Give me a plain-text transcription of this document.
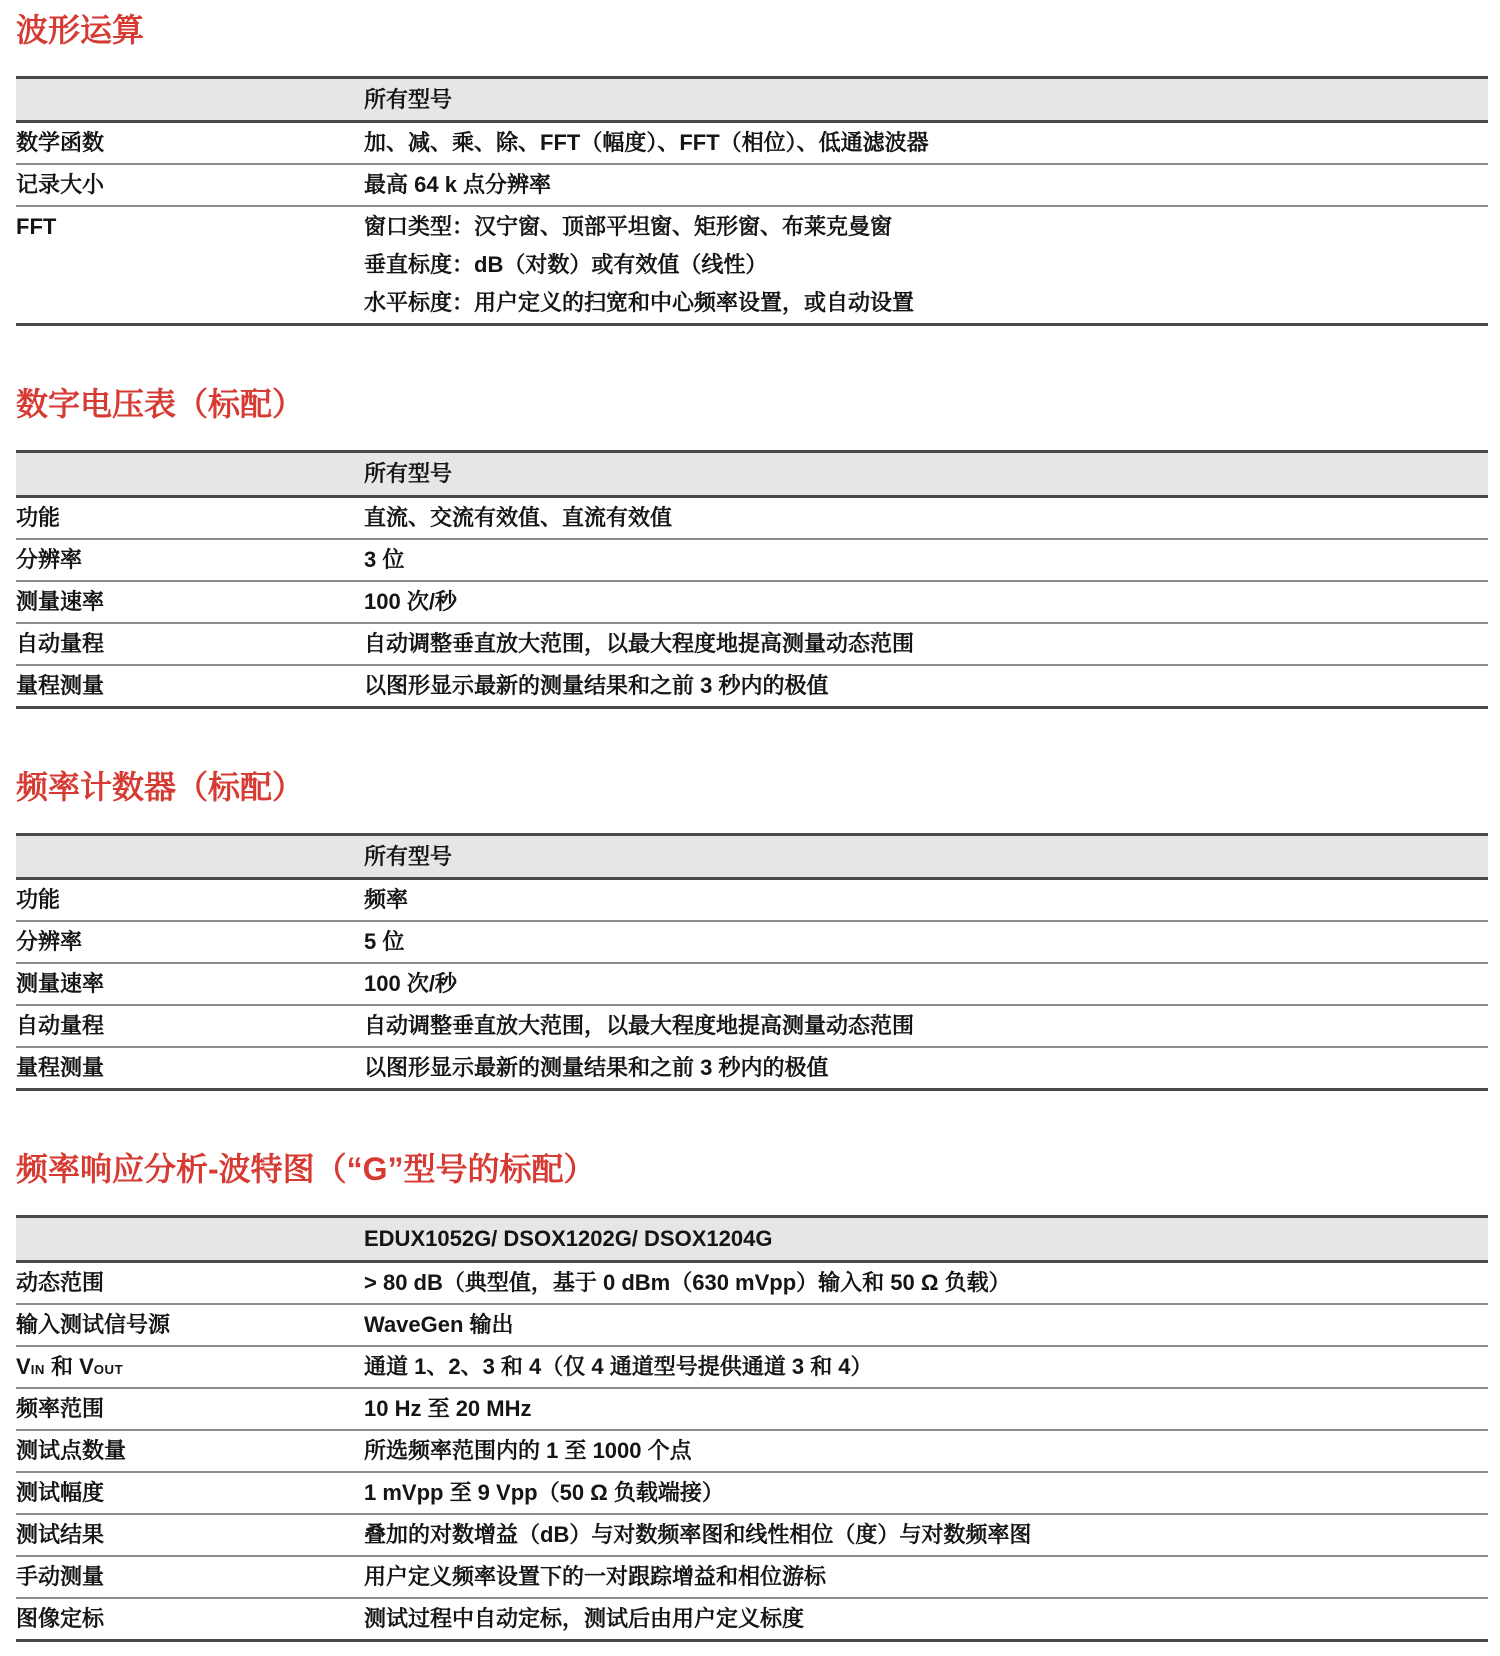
波形运算
	所有型号
数学函数	加、减、乘、除、FFT（幅度）、FFT（相位）、低通滤波器
记录大小	最高 64 k 点分辨率
FFT	窗口类型：汉宁窗、顶部平坦窗、矩形窗、布莱克曼窗
垂直标度：dB（对数）或有效值（线性）
水平标度：用户定义的扫宽和中心频率设置，或自动设置
数字电压表（标配）
	所有型号
功能	直流、交流有效值、直流有效值
分辨率	3 位
测量速率	100 次/秒
自动量程	自动调整垂直放大范围，以最大程度地提高测量动态范围
量程测量	以图形显示最新的测量结果和之前 3 秒内的极值
频率计数器（标配）
	所有型号
功能	频率
分辨率	5 位
测量速率	100 次/秒
自动量程	自动调整垂直放大范围，以最大程度地提高测量动态范围
量程测量	以图形显示最新的测量结果和之前 3 秒内的极值
频率响应分析-波特图（“G”型号的标配）
	EDUX1052G/ DSOX1202G/ DSOX1204G
动态范围	> 80 dB（典型值，基于 0 dBm（630 mVpp）输入和 50 Ω 负载）
输入测试信号源	WaveGen 输出
VIN 和 VOUT	通道 1、2、3 和 4（仅 4 通道型号提供通道 3 和 4）
频率范围	10 Hz 至 20 MHz
测试点数量	所选频率范围内的 1 至 1000 个点
测试幅度	1 mVpp 至 9 Vpp（50 Ω 负载端接）
测试结果	叠加的对数增益（dB）与对数频率图和线性相位（度）与对数频率图
手动测量	用户定义频率设置下的一对跟踪增益和相位游标
图像定标	测试过程中自动定标，测试后由用户定义标度
